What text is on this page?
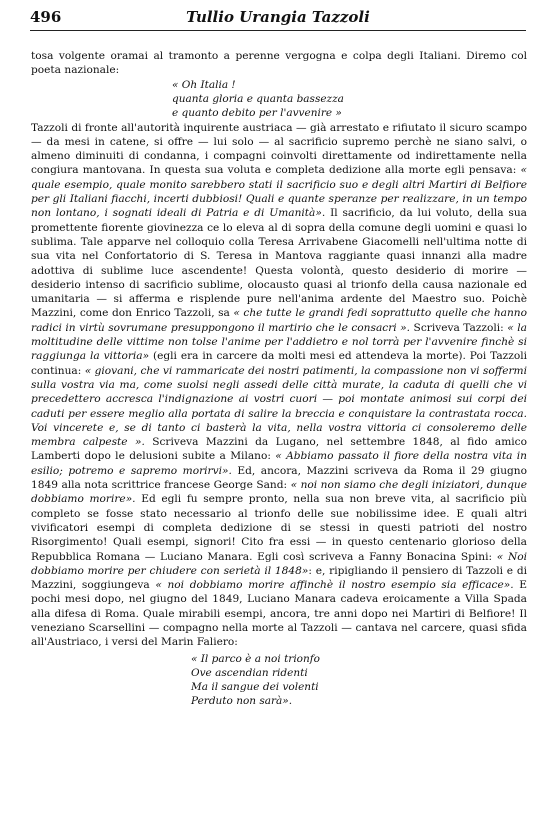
496	Tullio Urangia Tazzoli

tosa volgente oramai al tramonto a perenne vergogna e colpa degli Italiani. Diremo col poeta nazionale:

« Oh Italia !
quanta gloria e quanta bassezza
e quanto debito per l'avvenire »

Tazzoli di fronte all'autorità inquirente austriaca — già arrestato e rifiutato il sicuro scampo — da mesi in catene, si offre — lui solo — al sacrificio supremo perchè ne siano salvi, o almeno diminuiti di condanna, i compagni coinvolti direttamente od indirettamente nella congiura mantovana. In questa sua voluta e completa dedizione alla morte egli pensava: « quale esempio, quale monito sarebbero stati il sacrificio suo e degli altri Martiri di Belfiore per gli Italiani fiacchi, incerti dubbiosi! Quali e quante speranze per realizzare, in un tempo non lontano, i sognati ideali di Patria e di Umanità». Il sacrificio, da lui voluto, della sua promettente fiorente giovinezza ce lo eleva al di sopra della comune degli uomini e quasi lo sublima. Tale apparve nel colloquio colla Teresa Arrivabene Giacomelli nell'ultima notte di sua vita nel Confortatorio di S. Teresa in Mantova raggiante quasi innanzi alla madre adottiva di sublime luce ascendente! Questa volontà, questo desiderio di morire — desiderio intenso di sacrificio sublime, olocausto quasi al trionfo della causa nazionale ed umanitaria — si afferma e risplende pure nell'anima ardente del Maestro suo. Poichè Mazzini, come don Enrico Tazzoli, sa « che tutte le grandi fedi soprattutto quelle che hanno radici in virtù sovrumane presuppongono il martirio che le consacri ». Scriveva Tazzoli: « la moltitudine delle vittime non tolse l'anime per l'addietro e nol torrà per l'avvenire finchè si raggiunga la vittoria» (egli era in carcere da molti mesi ed attendeva la morte). Poi Tazzoli continua: « giovani, che vi rammaricate dei nostri patimenti, la compassione non vi soffermi sulla vostra via ma, come suolsi negli assedi delle città murate, la caduta di quelli che vi precedettero accresca l'indignazione ai vostri cuori — poi montate animosi sui corpi dei caduti per essere meglio alla portata di salire la breccia e conquistare la contrastata rocca. Voi vincerete e, se di tanto ci basterà la vita, nella vostra vittoria ci consoleremo delle membra calpeste ». Scriveva Mazzini da Lugano, nel settembre 1848, al fido amico Lamberti dopo le delusioni subite a Milano: « Abbiamo passato il fiore della nostra vita in esilio; potremo e sapremo morirvi». Ed, ancora, Mazzini scriveva da Roma il 29 giugno 1849 alla nota scrittrice francese George Sand: « noi non siamo che degli iniziatori, dunque dobbiamo morire». Ed egli fu sempre pronto, nella sua non breve vita, al sacrificio più completo se fosse stato necessario al trionfo delle sue nobilissime idee. E quali altri vivificatori esempi di completa dedizione di se stessi in questi patrioti del nostro Risorgimento! Quali esempi, signori! Cito fra essi — in questo centenario glorioso della Repubblica Romana — Luciano Manara. Egli così scriveva a Fanny Bonacina Spini: « Noi dobbiamo morire per chiudere con serietà il 1848»: e, ripigliando il pensiero di Tazzoli e di Mazzini, soggiungeva « noi dobbiamo morire affinchè il nostro esempio sia efficace». E pochi mesi dopo, nel giugno del 1849, Luciano Manara cadeva eroicamente a Villa Spada alla difesa di Roma. Quale mirabili esempi, ancora, tre anni dopo nei Martiri di Belfiore! Il veneziano Scarsellini — compagno nella morte al Tazzoli — cantava nel carcere, quasi sfida all'Austriaco, i versi del Marin Faliero:

« Il parco è a noi trionfo
Ove ascendian ridenti
Ma il sangue dei volenti
Perduto non sarà».
